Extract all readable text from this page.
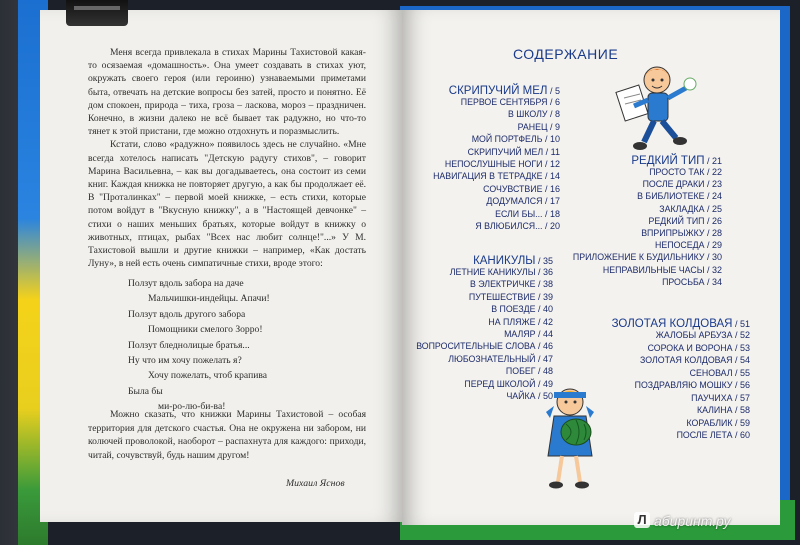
Меня всегда привлекала в стихах Марины Тахистовой какая-то осязаемая «домашность». Она умеет создавать в стихах уют, окружать своего героя (или героиню) узнаваемыми приметами быта, отвечать на детские вопросы без затей, просто и понятно. Её дом спокоен, природа – тиха, гроза – ласкова, мороз – праздничен. Конечно, в жизни далеко не всё бывает так радужно, но что-то тянет к этой пристани, где можно отдохнуть и поразмыслить.

Кстати, слово «радужно» появилось здесь не случайно. «Мне всегда хотелось написать "Детскую радугу стихов", – говорит Марина Васильевна, – как вы догадываетесь, она состоит из семи книг. Каждая книжка не повторяет другую, а как бы продолжает её. В "Проталинках" – первой моей книжке, – есть стихи, которые потом войдут в "Вкусную книжку", а в "Настоящей девчонке" – стихи о наших меньших братьях, которые войдут в книжку о животных, птицах, рыбах "Всех нас любит солнце!"...» У М. Тахистовой вышли и другие книжки – например, «Как достать Луну», в ней есть очень симпатичные стихи, вроде этого:

Ползут вдоль забора на даче
Мальчишки-индейцы. Апачи!
Ползут вдоль другого забора
Помощники смелого Зорро!
Ползут бледнолицые братья...
Ну что им хочу пожелать я?
Хочу пожелать, чтоб крапива
Была бы
ми-ро-лю-би-ва!

Можно сказать, что книжки Марины Тахистовой – особая территория для детского счастья. Она не окружена ни забором, ни колючей проволокой, наоборот – распахнута для каждого: приходи, читай, сочувствуй, будь нашим другом!

Михаил Яснов
СОДЕРЖАНИЕ
СКРИПУЧИЙ МЕЛ / 5
ПЕРВОЕ СЕНТЯБРЯ / 6
В ШКОЛУ / 8
РАНЕЦ / 9
МОЙ ПОРТФЕЛЬ / 10
СКРИПУЧИЙ МЕЛ / 11
НЕПОСЛУШНЫЕ НОГИ / 12
НАВИГАЦИЯ В ТЕТРАДКЕ / 14
СОЧУВСТВИЕ / 16
ДОДУМАЛСЯ / 17
ЕСЛИ БЫ... / 18
Я ВЛЮБИЛСЯ... / 20
РЕДКИЙ ТИП / 21
ПРОСТО ТАК / 22
ПОСЛЕ ДРАКИ / 23
В БИБЛИОТЕКЕ / 24
ЗАКЛАДКА / 25
РЕДКИЙ ТИП / 26
ВПРИПРЫЖКУ / 28
НЕПОСЕДА / 29
ПРИЛОЖЕНИЕ К БУДИЛЬНИКУ / 30
НЕПРАВИЛЬНЫЕ ЧАСЫ / 32
ПРОСЬБА / 34
КАНИКУЛЫ / 35
ЛЕТНИЕ КАНИКУЛЫ / 36
В ЭЛЕКТРИЧКЕ / 38
ПУТЕШЕСТВИЕ / 39
В ПОЕЗДЕ / 40
НА ПЛЯЖЕ / 42
МАЛЯР / 44
ВОПРОСИТЕЛЬНЫЕ СЛОВА / 46
ЛЮБОЗНАТЕЛЬНЫЙ / 47
ПОБЕГ / 48
ПЕРЕД ШКОЛОЙ / 49
ЧАЙКА / 50
ЗОЛОТАЯ КОЛДОВАЯ / 51
ЖАЛОБЫ АРБУЗА / 52
СОРОКА И ВОРОНА / 53
ЗОЛОТАЯ КОЛДОВАЯ / 54
СЕНОВАЛ / 55
ПОЗДРАВЛЯЮ МОШКУ / 56
ПАУЧИХА / 57
КАЛИНА / 58
КОРАБЛИК / 59
ПОСЛЕ ЛЕТА / 60
Л абиринт.ру
